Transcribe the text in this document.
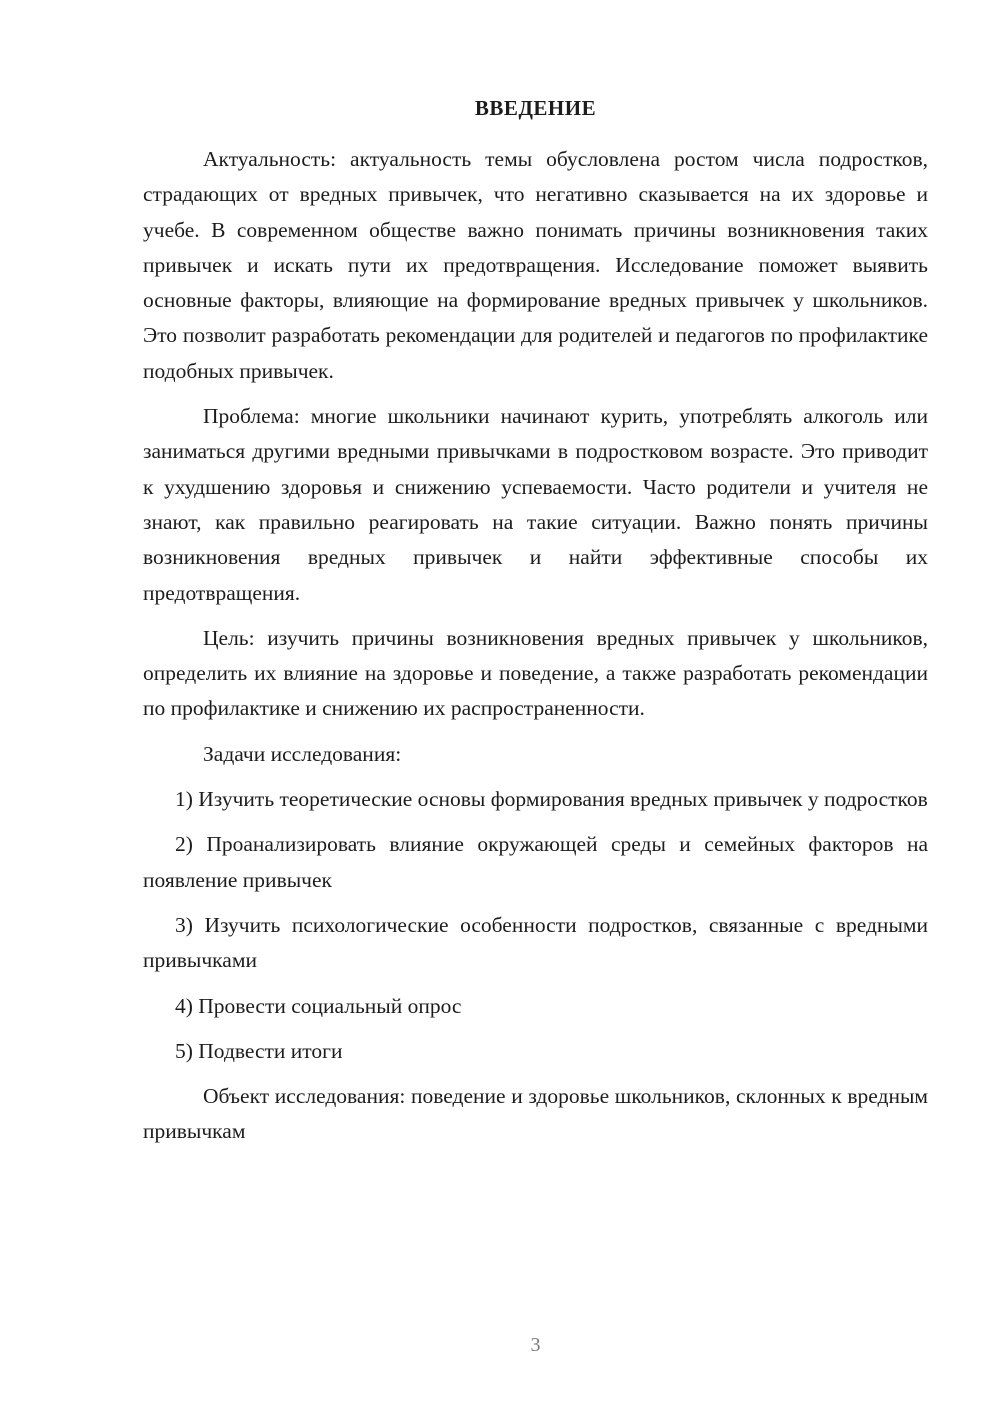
ВВЕДЕНИЕ

Актуальность: актуальность темы обусловлена ростом числа подростков, страдающих от вредных привычек, что негативно сказывается на их здоровье и учебе. В современном обществе важно понимать причины возникновения таких привычек и искать пути их предотвращения. Исследование поможет выявить основные факторы, влияющие на формирование вредных привычек у школьников. Это позволит разработать рекомендации для родителей и педагогов по профилактике подобных привычек.

Проблема: многие школьники начинают курить, употреблять алкоголь или заниматься другими вредными привычками в подростковом возрасте. Это приводит к ухудшению здоровья и снижению успеваемости. Часто родители и учителя не знают, как правильно реагировать на такие ситуации. Важно понять причины возникновения вредных привычек и найти эффективные способы их предотвращения.

Цель: изучить причины возникновения вредных привычек у школьников, определить их влияние на здоровье и поведение, а также разработать рекомендации по профилактике и снижению их распространенности.

Задачи исследования:

1) Изучить теоретические основы формирования вредных привычек у подростков

2) Проанализировать влияние окружающей среды и семейных факторов на появление привычек

3) Изучить психологические особенности подростков, связанные с вредными привычками

4) Провести социальный опрос

5) Подвести итоги

Объект исследования: поведение и здоровье школьников, склонных к вредным привычкам

3
